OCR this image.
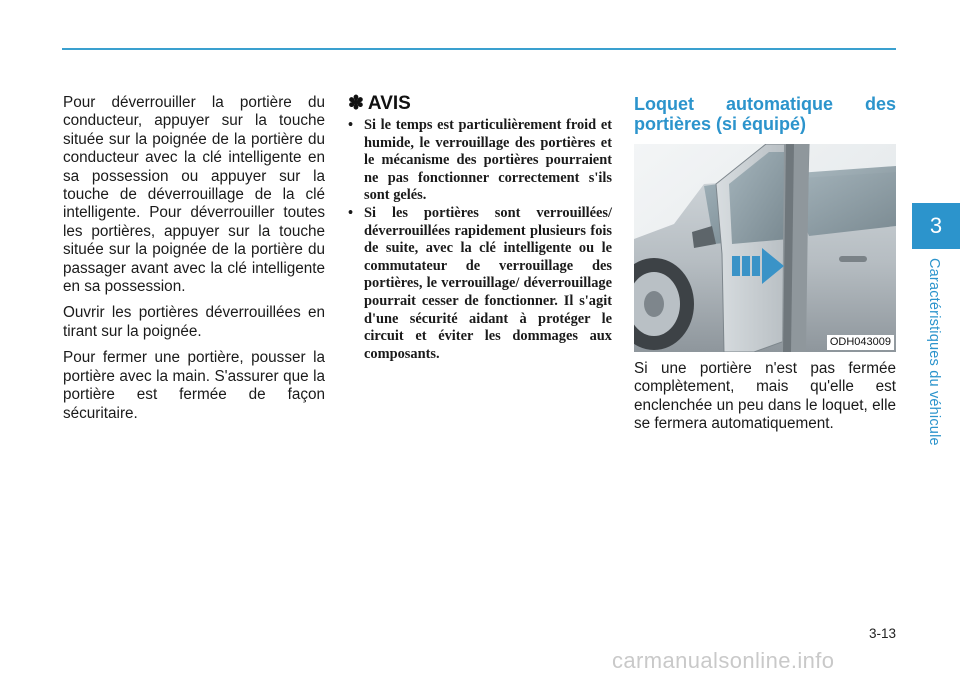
Pour déverrouiller la portière du conducteur, appuyer sur la touche située sur la poignée de la portière du conducteur avec la clé intelligente en sa possession ou appuyer sur la touche de déverrouillage de la clé intelligente. Pour déverrouiller toutes les portières, appuyer sur la touche située sur la poignée de la portière du passager avant avec la clé intelligente en sa possession.

Ouvrir les portières déverrouillées en tirant sur la poignée.

Pour fermer une portière, pousser la portière avec la main. S'assurer que la portière est fermée de façon sécuritaire.

✽ AVIS
• Si le temps est particulièrement froid et humide, le verrouillage des portières et le mécanisme des portières pourraient ne pas fonctionner correctement s'ils sont gelés.
• Si les portières sont verrouillées/ déverrouillées rapidement plusieurs fois de suite, avec la clé intelligente ou le commutateur de verrouillage des portières, le verrouillage/ déverrouillage pourrait cesser de fonctionner. Il s'agit d'une sécurité aidant à protéger le circuit et éviter les dommages aux composants.
Loquet automatique des portières (si équipé)
ODH043009
Si une portière n'est pas fermée complètement, mais qu'elle est enclenchée un peu dans le loquet, elle se fermera automatiquement.
3
Caractéristiques du véhicule
3-13
carmanualsonline.info
